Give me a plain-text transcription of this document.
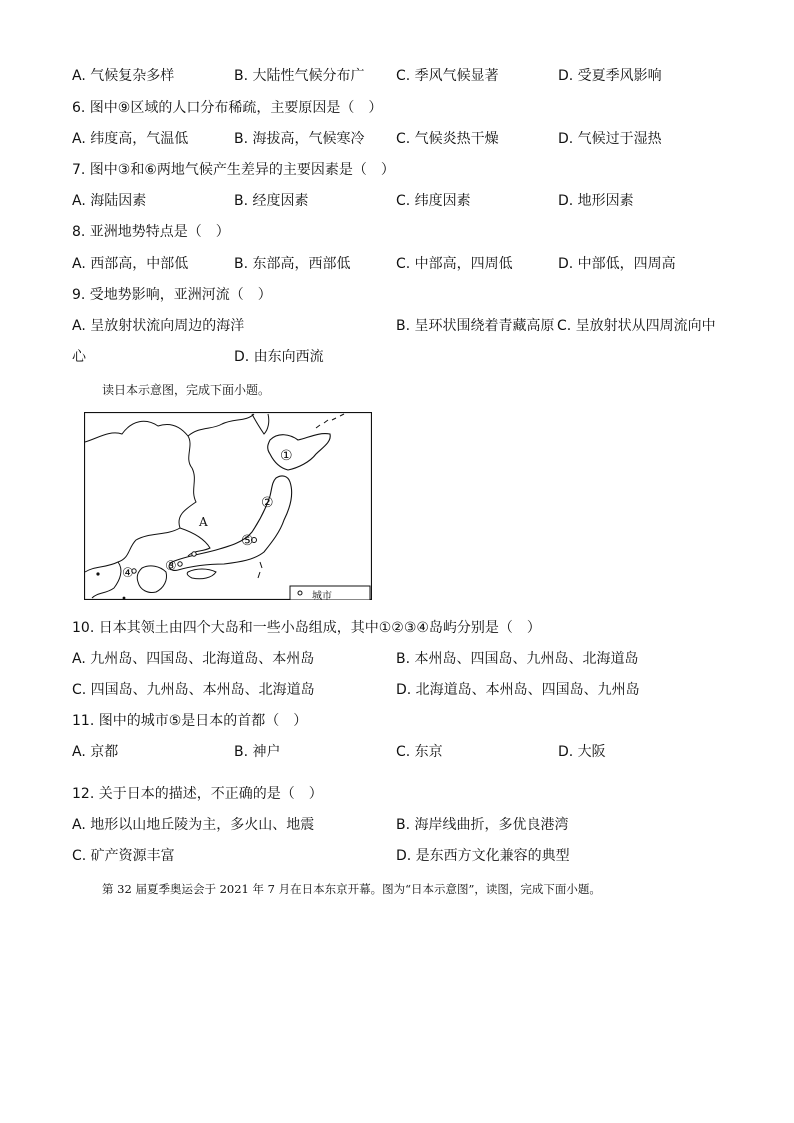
A. 气候复杂多样	B. 大陆性气候分布广 C. 季风气候显著	D. 受夏季风影响
6. 图中⑨区域的人口分布稀疏，主要原因是（　）
A. 纬度高，气温低	B. 海拔高，气候寒冷 C. 气候炎热干燥	D. 气候过于湿热
7. 图中③和⑥两地气候产生差异的主要因素是（　）
A. 海陆因素	B. 经度因素	C. 纬度因素	D. 地形因素
8. 亚洲地势特点是（　）
A. 西部高，中部低	B. 东部高，西部低	C. 中部高，四周低	D. 中部低，四周高
9. 受地势影响，亚洲河流（　）
A. 呈放射状流向周边的海洋	B. 呈环状围绕着青藏高原 C. 呈放射状从四周流向中
心	D. 由东向西流
读日本示意图，完成下面小题。
①
②
③
④
⑤
A
城市
10. 日本其领土由四个大岛和一些小岛组成，其中①②③④岛屿分别是（　）
A. 九州岛、四国岛、北海道岛、本州岛	B. 本州岛、四国岛、九州岛、北海道岛
C. 四国岛、九州岛、本州岛、北海道岛	D. 北海道岛、本州岛、四国岛、九州岛
11. 图中的城市⑤是日本的首都（　）
A. 京都	B. 神户	C. 东京	D. 大阪
12. 关于日本的描述，不正确的是（　）
A. 地形以山地丘陵为主，多火山、地震	B. 海岸线曲折，多优良港湾
C. 矿产资源丰富	D. 是东西方文化兼容的典型
第 32 届夏季奥运会于 2021 年 7 月在日本东京开幕。图为“日本示意图”，读图，完成下面小题。
